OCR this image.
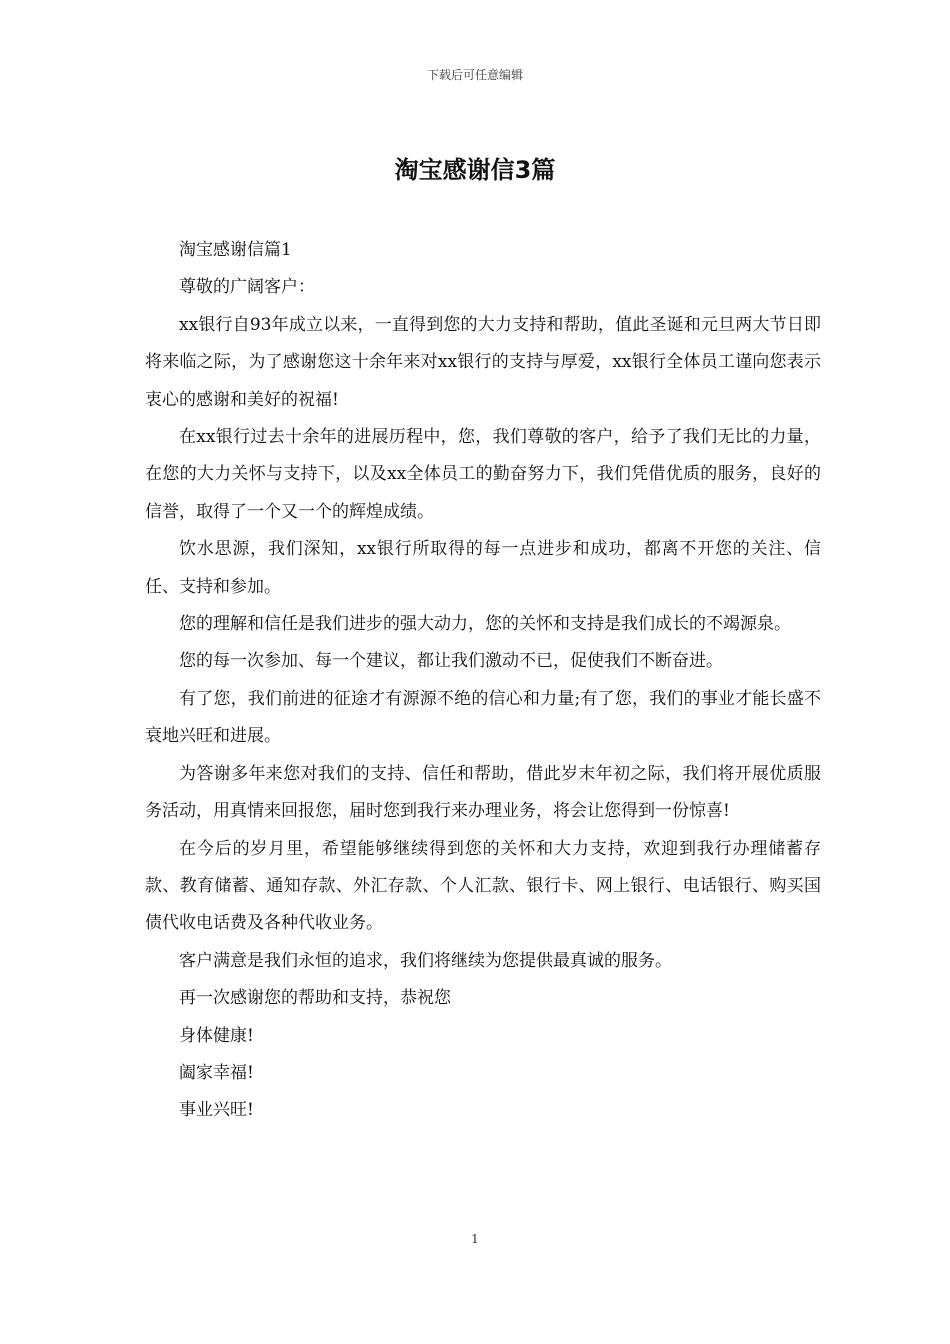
下载后可任意编辑
淘宝感谢信3篇

淘宝感谢信篇1

尊敬的广阔客户：

xx银行自93年成立以来，一直得到您的大力支持和帮助，值此圣诞和元旦两大节日即将来临之际，为了感谢您这十余年来对xx银行的支持与厚爱，xx银行全体员工谨向您表示衷心的感谢和美好的祝福!

在xx银行过去十余年的进展历程中，您，我们尊敬的客户，给予了我们无比的力量，在您的大力关怀与支持下，以及xx全体员工的勤奋努力下，我们凭借优质的服务，良好的信誉，取得了一个又一个的辉煌成绩。

饮水思源，我们深知，xx银行所取得的每一点进步和成功，都离不开您的关注、信任、支持和参加。

您的理解和信任是我们进步的强大动力，您的关怀和支持是我们成长的不竭源泉。

您的每一次参加、每一个建议，都让我们激动不已，促使我们不断奋进。

有了您，我们前进的征途才有源源不绝的信心和力量;有了您，我们的事业才能长盛不衰地兴旺和进展。

为答谢多年来您对我们的支持、信任和帮助，借此岁末年初之际，我们将开展优质服务活动，用真情来回报您，届时您到我行来办理业务，将会让您得到一份惊喜!

在今后的岁月里，希望能够继续得到您的关怀和大力支持，欢迎到我行办理储蓄存款、教育储蓄、通知存款、外汇存款、个人汇款、银行卡、网上银行、电话银行、购买国债代收电话费及各种代收业务。

客户满意是我们永恒的追求，我们将继续为您提供最真诚的服务。

再一次感谢您的帮助和支持，恭祝您

身体健康!

阖家幸福!

事业兴旺!

1
